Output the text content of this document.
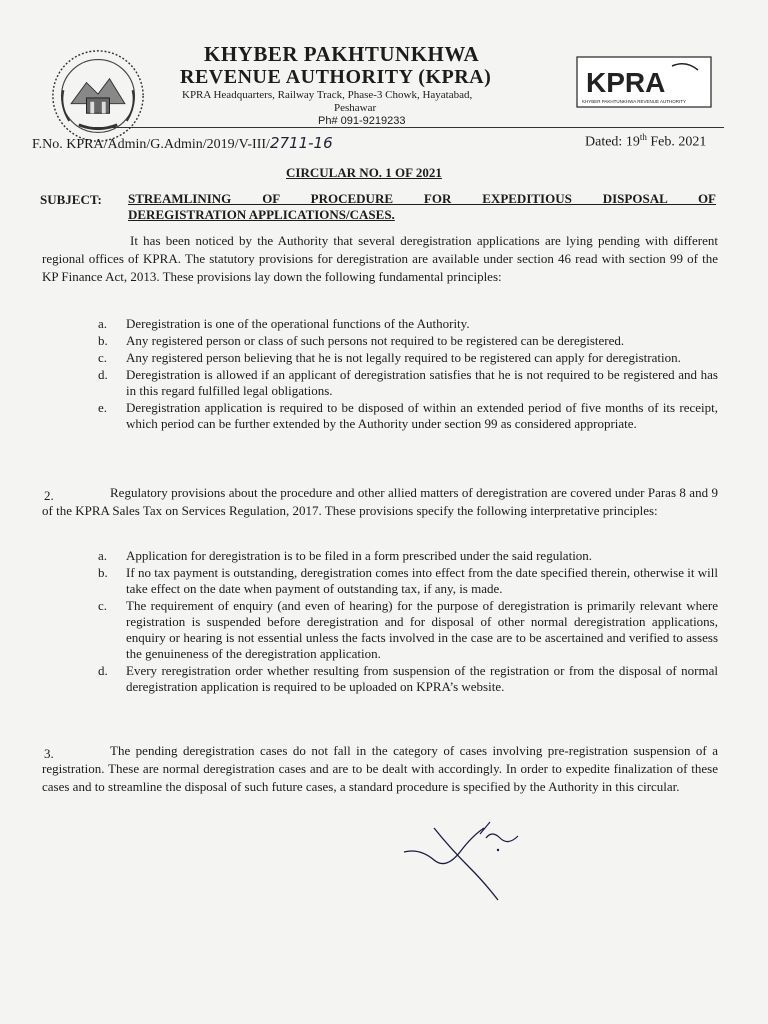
KPRA
KHYBER PAKHTUNKHWA REVENUE AUTHORITY
KHYBER PAKHTUNKHWA
REVENUE AUTHORITY (KPRA)
KPRA Headquarters, Railway Track, Phase-3 Chowk, Hayatabad,
Peshawar
Ph# 091-9219233
F.No. KPRA/Admin/G.Admin/2019/V-III/2711-16	Dated: 19th Feb. 2021
CIRCULAR NO. 1 OF 2021
SUBJECT: STREAMLINING OF PROCEDURE FOR EXPEDITIOUS DISPOSAL OF
DEREGISTRATION APPLICATIONS/CASES.
It has been noticed by the Authority that several deregistration applications are lying pending with different regional offices of KPRA. The statutory provisions for deregistration are available under section 46 read with section 99 of the KP Finance Act, 2013. These provisions lay down the following fundamental principles:
a.	Deregistration is one of the operational functions of the Authority.
b.	Any registered person or class of such persons not required to be registered can be deregistered.
c.	Any registered person believing that he is not legally required to be registered can apply for deregistration.
d.	Deregistration is allowed if an applicant of deregistration satisfies that he is not required to be registered and has in this regard fulfilled legal obligations.
e.	Deregistration application is required to be disposed of within an extended period of five months of its receipt, which period can be further extended by the Authority under section 99 as considered appropriate.
2.	Regulatory provisions about the procedure and other allied matters of deregistration are covered under Paras 8 and 9 of the KPRA Sales Tax on Services Regulation, 2017. These provisions specify the following interpretative principles:
a.	Application for deregistration is to be filed in a form prescribed under the said regulation.
b.	If no tax payment is outstanding, deregistration comes into effect from the date specified therein, otherwise it will take effect on the date when payment of outstanding tax, if any, is made.
c.	The requirement of enquiry (and even of hearing) for the purpose of deregistration is primarily relevant where registration is suspended before deregistration and for disposal of other normal deregistration applications, enquiry or hearing is not essential unless the facts involved in the case are to be ascertained and verified to assess the genuineness of the deregistration application.
d.	Every reregistration order whether resulting from suspension of the registration or from the disposal of normal deregistration application is required to be uploaded on KPRA’s website.
3.	The pending deregistration cases do not fall in the category of cases involving pre-registration suspension of a registration. These are normal deregistration cases and are to be dealt with accordingly. In order to expedite finalization of these cases and to streamline the disposal of such future cases, a standard procedure is specified by the Authority in this circular.
